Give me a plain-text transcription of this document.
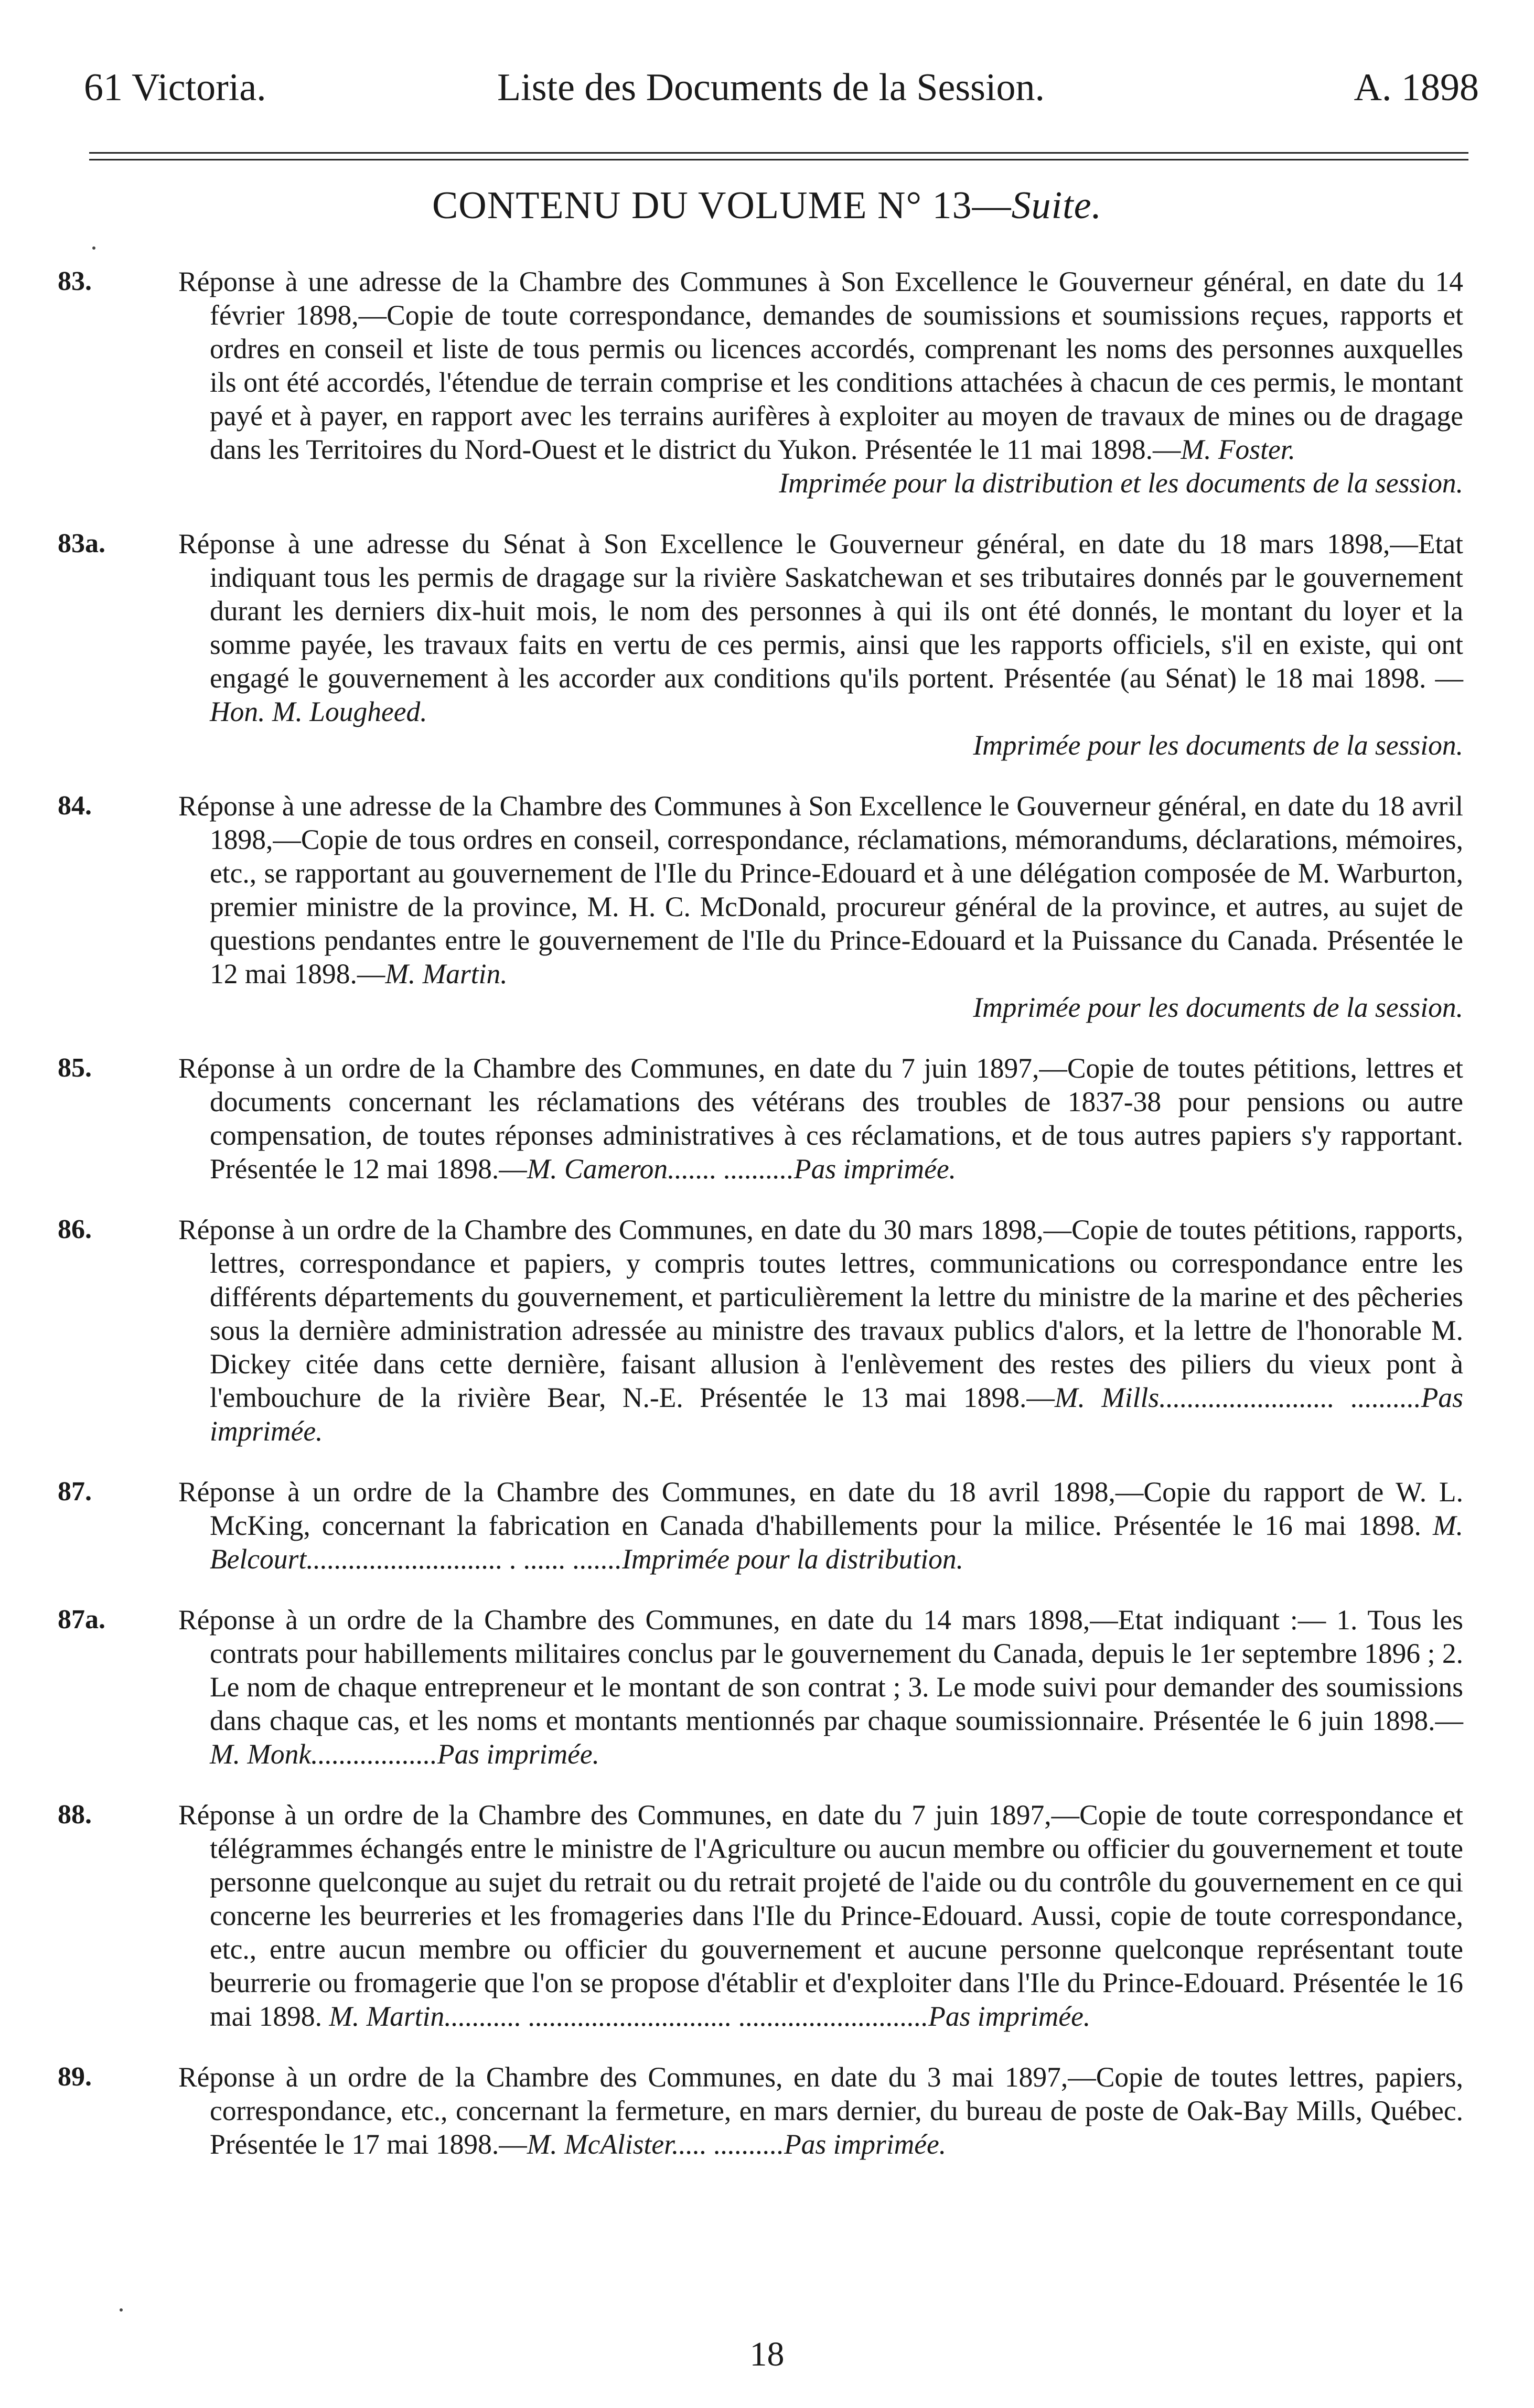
61 Victoria.	Liste des Documents de la Session.	A. 1898
CONTENU DU VOLUME N° 13—Suite.
83.	Réponse à une adresse de la Chambre des Communes à Son Excellence le Gouverneur général, en date du 14 février 1898,—Copie de toute correspondance, demandes de soumissions et soumissions reçues, rapports et ordres en conseil et liste de tous permis ou licences accordés, comprenant les noms des personnes auxquelles ils ont été accordés, l'étendue de terrain comprise et les conditions attachées à chacun de ces permis, le montant payé et à payer, en rapport avec les terrains aurifères à exploiter au moyen de travaux de mines ou de dragage dans les Territoires du Nord-Ouest et le district du Yukon. Présentée le 11 mai 1898.—M. Foster.
Imprimée pour la distribution et les documents de la session.
83a.	Réponse à une adresse du Sénat à Son Excellence le Gouverneur général, en date du 18 mars 1898,—Etat indiquant tous les permis de dragage sur la rivière Saskatchewan et ses tributaires donnés par le gouvernement durant les derniers dix-huit mois, le nom des personnes à qui ils ont été donnés, le montant du loyer et la somme payée, les travaux faits en vertu de ces permis, ainsi que les rapports officiels, s'il en existe, qui ont engagé le gouvernement à les accorder aux conditions qu'ils portent. Présentée (au Sénat) le 18 mai 1898. —Hon. M. Lougheed.
Imprimée pour les documents de la session.
84.	Réponse à une adresse de la Chambre des Communes à Son Excellence le Gouverneur général, en date du 18 avril 1898,—Copie de tous ordres en conseil, correspondance, réclamations, mémorandums, déclarations, mémoires, etc., se rapportant au gouvernement de l'Ile du Prince-Edouard et à une délégation composée de M. Warburton, premier ministre de la province, M. H. C. McDonald, procureur général de la province, et autres, au sujet de questions pendantes entre le gouvernement de l'Ile du Prince-Edouard et la Puissance du Canada. Présentée le 12 mai 1898.—M. Martin.
Imprimée pour les documents de la session.
85.	Réponse à un ordre de la Chambre des Communes, en date du 7 juin 1897,—Copie de toutes pétitions, lettres et documents concernant les réclamations des vétérans des troubles de 1837-38 pour pensions ou autre compensation, de toutes réponses administratives à ces réclamations, et de tous autres papiers s'y rapportant. Présentée le 12 mai 1898.—M. Cameron....... ..........Pas imprimée.
86.	Réponse à un ordre de la Chambre des Communes, en date du 30 mars 1898,—Copie de toutes pétitions, rapports, lettres, correspondance et papiers, y compris toutes lettres, communications ou correspondance entre les différents départements du gouvernement, et particulièrement la lettre du ministre de la marine et des pêcheries sous la dernière administration adressée au ministre des travaux publics d'alors, et la lettre de l'honorable M. Dickey citée dans cette dernière, faisant allusion à l'enlèvement des restes des piliers du vieux pont à l'embouchure de la rivière Bear, N.-E. Présentée le 13 mai 1898.—M. Mills......................... ..........Pas imprimée.
87.	Réponse à un ordre de la Chambre des Communes, en date du 18 avril 1898,—Copie du rapport de W. L. McKing, concernant la fabrication en Canada d'habillements pour la milice. Présentée le 16 mai 1898. M. Belcourt............................ . ...... .......Imprimée pour la distribution.
87a.	Réponse à un ordre de la Chambre des Communes, en date du 14 mars 1898,—Etat indiquant :— 1. Tous les contrats pour habillements militaires conclus par le gouvernement du Canada, depuis le 1er septembre 1896 ; 2. Le nom de chaque entrepreneur et le montant de son contrat ; 3. Le mode suivi pour demander des soumissions dans chaque cas, et les noms et montants mentionnés par chaque soumissionnaire. Présentée le 6 juin 1898.—M. Monk..................Pas imprimée.
88.	Réponse à un ordre de la Chambre des Communes, en date du 7 juin 1897,—Copie de toute correspondance et télégrammes échangés entre le ministre de l'Agriculture ou aucun membre ou officier du gouvernement et toute personne quelconque au sujet du retrait ou du retrait projeté de l'aide ou du contrôle du gouvernement en ce qui concerne les beurreries et les fromageries dans l'Ile du Prince-Edouard. Aussi, copie de toute correspondance, etc., entre aucun membre ou officier du gouvernement et aucune personne quelconque représentant toute beurrerie ou fromagerie que l'on se propose d'établir et d'exploiter dans l'Ile du Prince-Edouard. Présentée le 16 mai 1898. M. Martin........... ............................. ...........................Pas imprimée.
89.	Réponse à un ordre de la Chambre des Communes, en date du 3 mai 1897,—Copie de toutes lettres, papiers, correspondance, etc., concernant la fermeture, en mars dernier, du bureau de poste de Oak-Bay Mills, Québec. Présentée le 17 mai 1898.—M. McAlister..... ..........Pas imprimée.
18
